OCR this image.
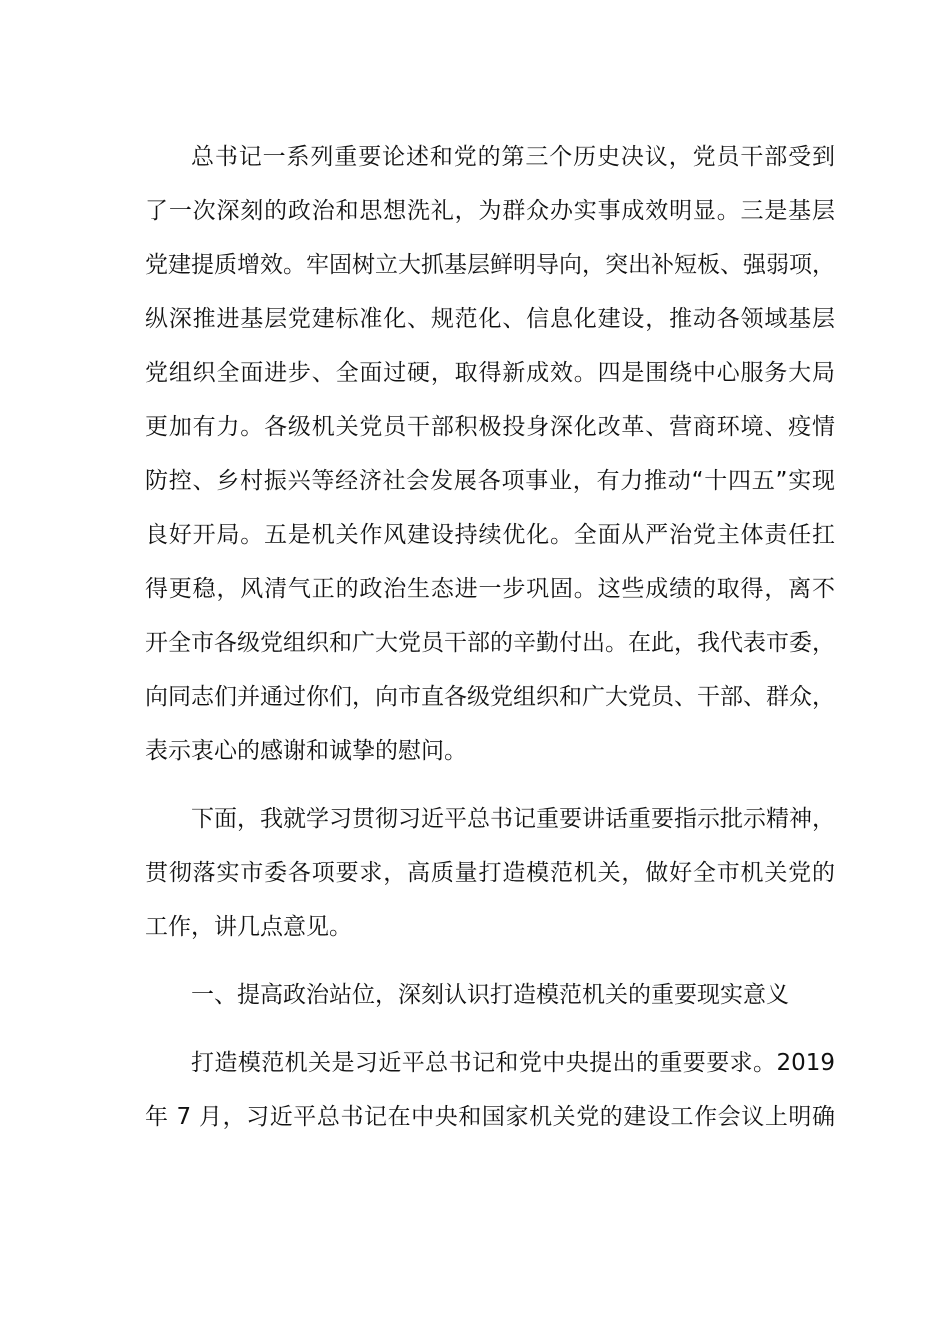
总书记一系列重要论述和党的第三个历史决议，党员干部受到
了一次深刻的政治和思想洗礼，为群众办实事成效明显。三是基层
党建提质增效。牢固树立大抓基层鲜明导向，突出补短板、强弱项，
纵深推进基层党建标准化、规范化、信息化建设，推动各领域基层
党组织全面进步、全面过硬，取得新成效。四是围绕中心服务大局
更加有力。各级机关党员干部积极投身深化改革、营商环境、疫情
防控、乡村振兴等经济社会发展各项事业，有力推动“十四五”实现
良好开局。五是机关作风建设持续优化。全面从严治党主体责任扛
得更稳，风清气正的政治生态进一步巩固。这些成绩的取得，离不
开全市各级党组织和广大党员干部的辛勤付出。在此，我代表市委，
向同志们并通过你们，向市直各级党组织和广大党员、干部、群众，
表示衷心的感谢和诚挚的慰问。
下面，我就学习贯彻习近平总书记重要讲话重要指示批示精神，
贯彻落实市委各项要求，高质量打造模范机关，做好全市机关党的
工作，讲几点意见。
一、提高政治站位，深刻认识打造模范机关的重要现实意义
打造模范机关是习近平总书记和党中央提出的重要要求。2019
年 7 月，习近平总书记在中央和国家机关党的建设工作会议上明确
